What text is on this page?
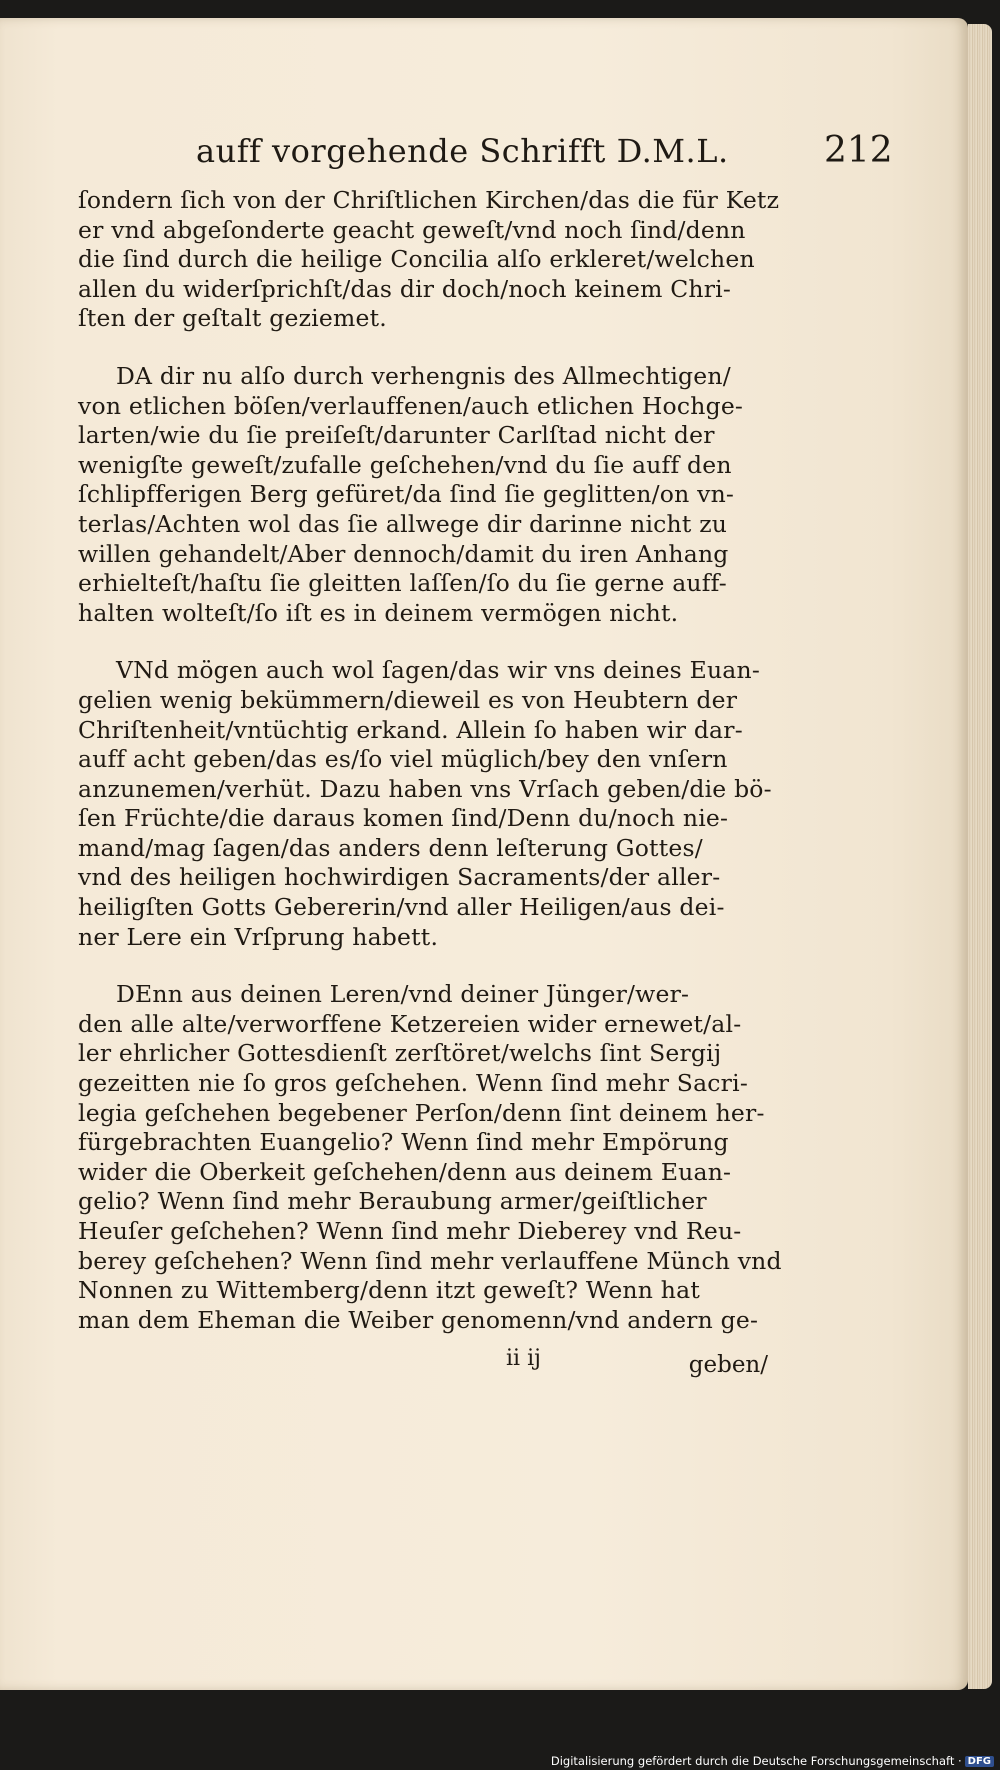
auff vorgehende Schrifft D.M.L.	212
ſondern ſich von der Chriſtlichen Kirchen/das die für Ketz
er vnd abgeſonderte geacht geweſt/vnd noch ſind/denn
die ſind durch die heilige Concilia alſo erkleret/welchen
allen du widerſprichſt/das dir doch/noch keinem Chri-
ſten der geſtalt geziemet.
DA dir nu alſo durch verhengnis des Allmechtigen/
von etlichen böſen/verlauffenen/auch etlichen Hochge-
larten/wie du ſie preiſeſt/darunter Carlſtad nicht der
wenigſte geweſt/zufalle geſchehen/vnd du ſie auff den
ſchlipfferigen Berg gefüret/da ſind ſie geglitten/on vn-
terlas/Achten wol das ſie allwege dir darinne nicht zu
willen gehandelt/Aber dennoch/damit du iren Anhang
erhielteſt/haſtu ſie gleitten laſſen/ſo du ſie gerne auff-
halten wolteſt/ſo iſt es in deinem vermögen nicht.
VNd mögen auch wol ſagen/das wir vns deines Euan-
gelien wenig bekümmern/dieweil es von Heubtern der
Chriſtenheit/vntüchtig erkand. Allein ſo haben wir dar-
auff acht geben/das es/ſo viel müglich/bey den vnſern
anzunemen/verhüt. Dazu haben vns Vrſach geben/die bö-
ſen Früchte/die daraus komen ſind/Denn du/noch nie-
mand/mag ſagen/das anders denn leſterung Gottes/
vnd des heiligen hochwirdigen Sacraments/der aller-
heiligſten Gotts Gebererin/vnd aller Heiligen/aus dei-
ner Lere ein Vrſprung habett.
DEnn aus deinen Leren/vnd deiner Jünger/wer-
den alle alte/verworffene Ketzereien wider ernewet/al-
ler ehrlicher Gottesdienſt zerſtöret/welchs ſint Sergij
gezeitten nie ſo gros geſchehen. Wenn ſind mehr Sacri-
legia geſchehen begebener Perſon/denn ſint deinem her-
fürgebrachten Euangelio? Wenn ſind mehr Empörung
wider die Oberkeit geſchehen/denn aus deinem Euan-
gelio? Wenn ſind mehr Beraubung armer/geiſtlicher
Heuſer geſchehen? Wenn ſind mehr Dieberey vnd Reu-
berey geſchehen? Wenn ſind mehr verlauffene Münch vnd
Nonnen zu Wittemberg/denn itzt geweſt? Wenn hat
man dem Eheman die Weiber genomenn/vnd andern ge-
ii ij	geben/
Digitalisierung gefördert durch die Deutsche Forschungsgemeinschaft · DFG
